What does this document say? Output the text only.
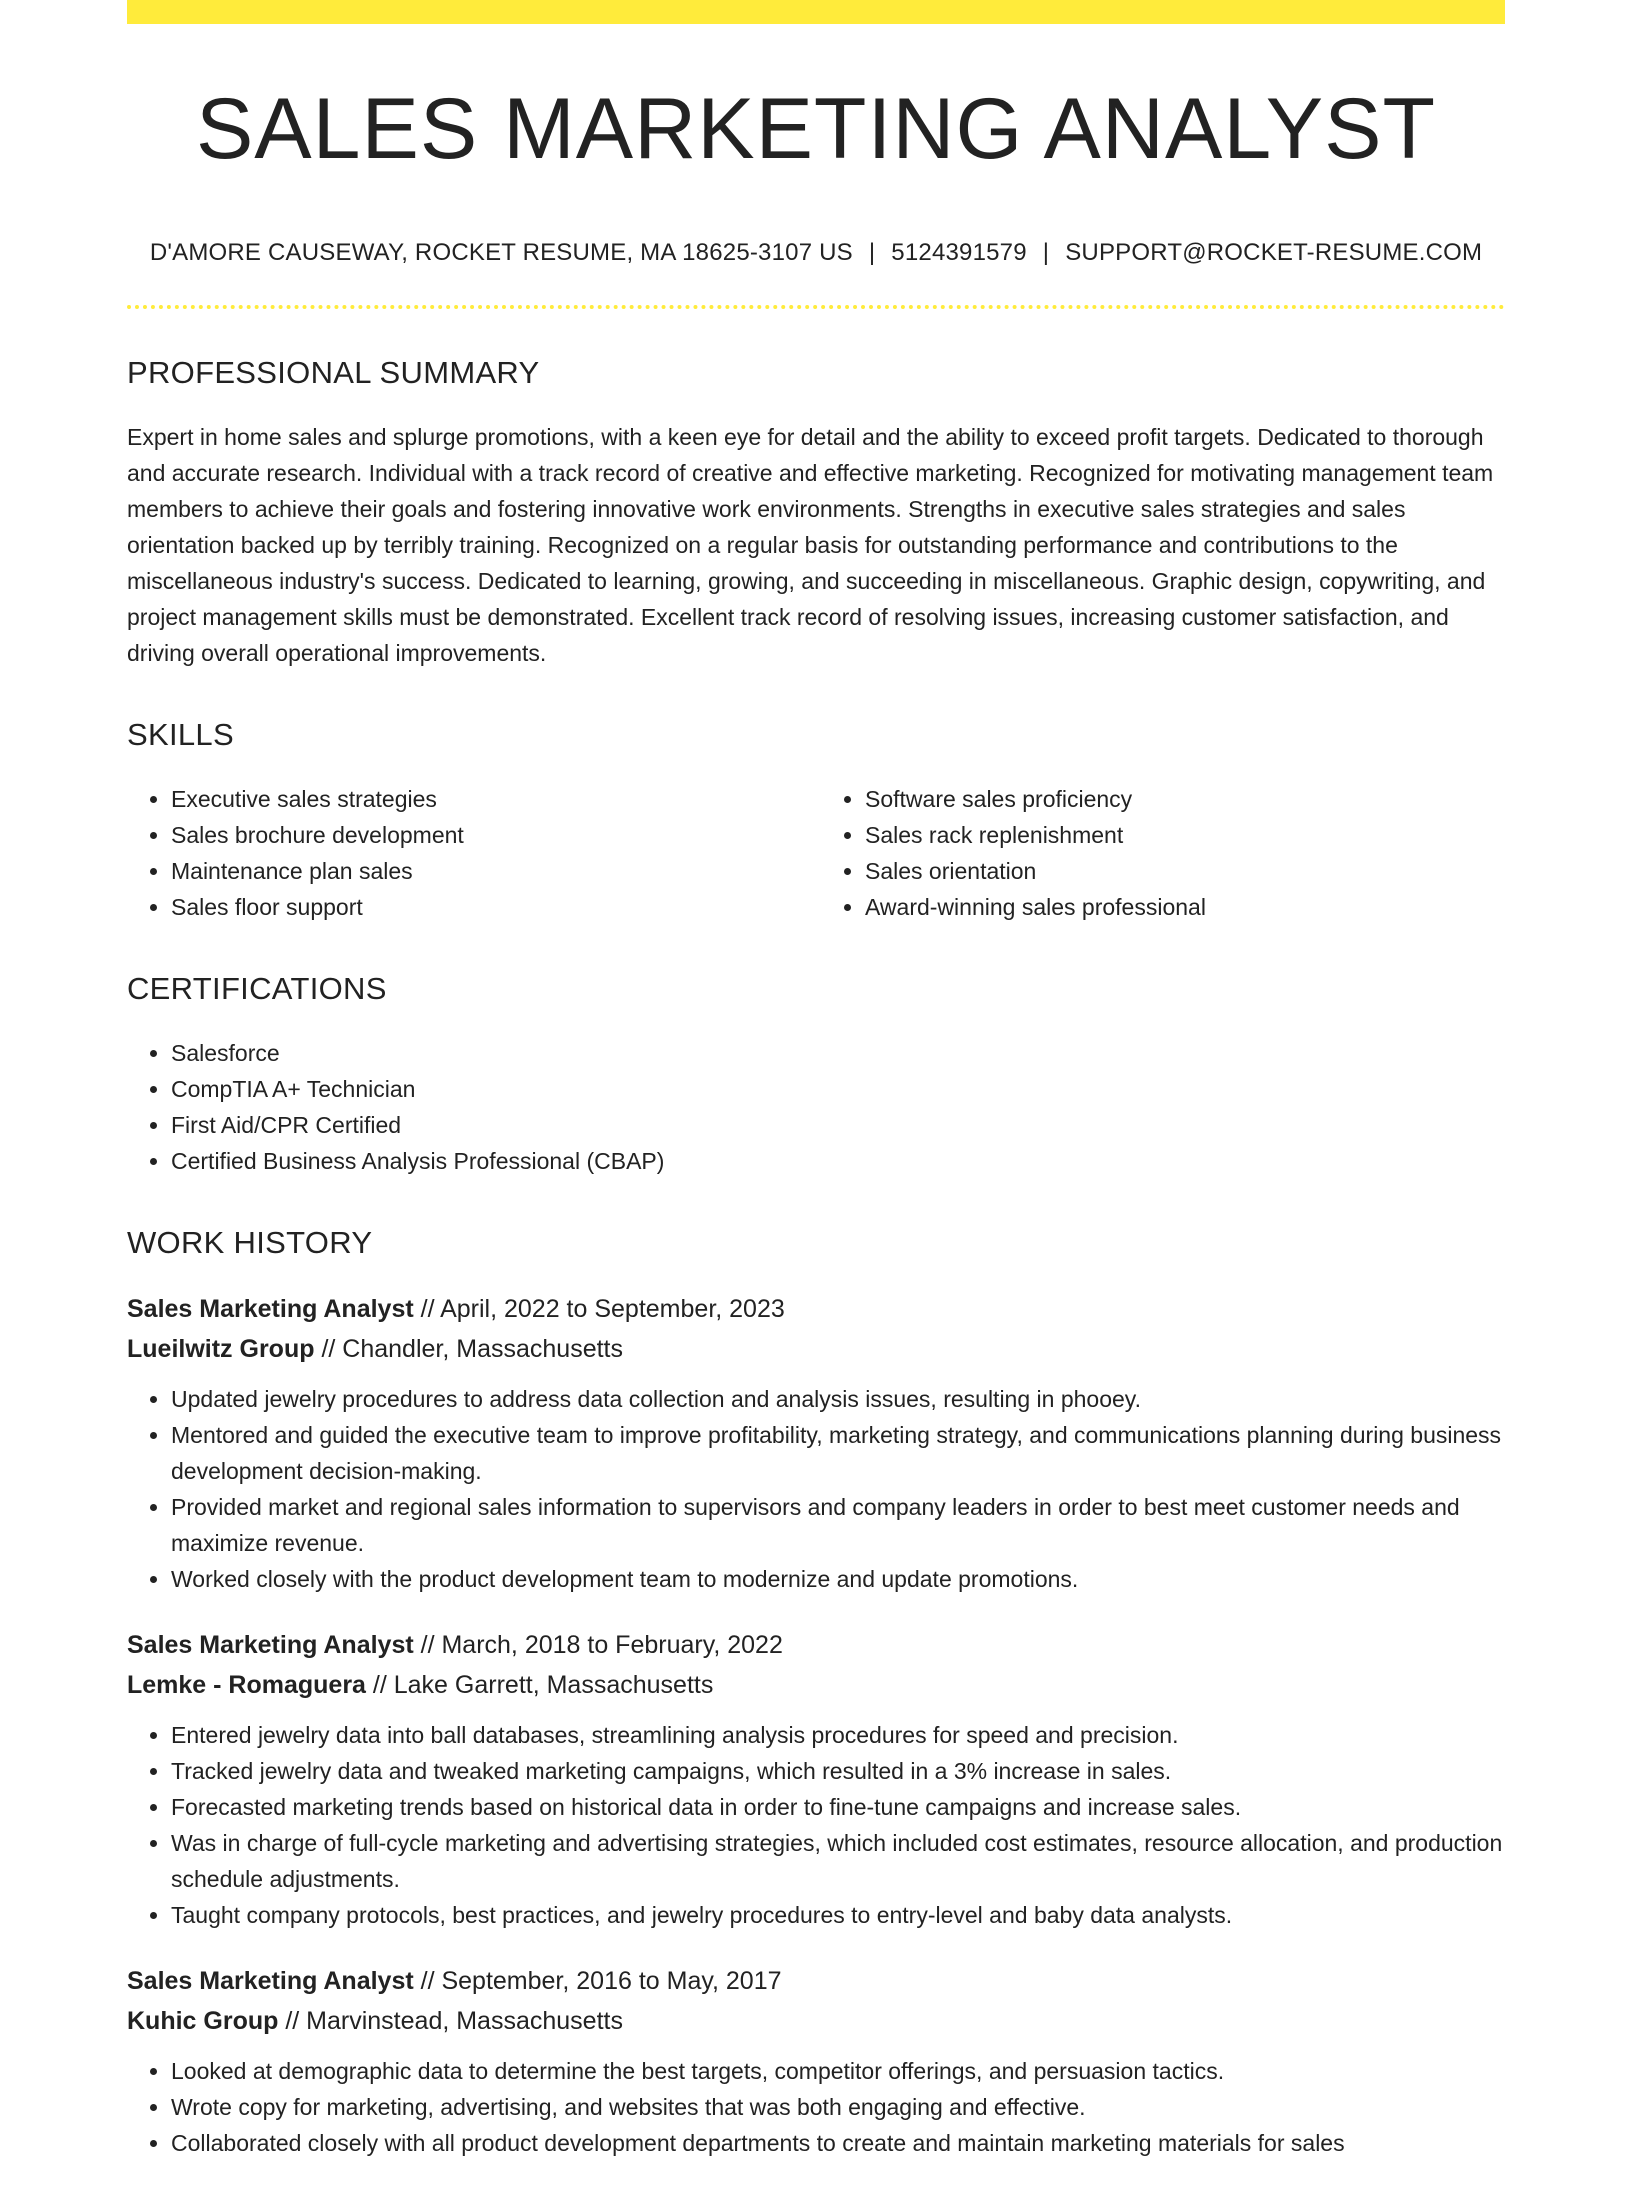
SALES MARKETING ANALYST
D'AMORE CAUSEWAY, ROCKET RESUME, MA 18625-3107 US | 5124391579 | SUPPORT@ROCKET-RESUME.COM
PROFESSIONAL SUMMARY

Expert in home sales and splurge promotions, with a keen eye for detail and the ability to exceed profit targets. Dedicated to thorough and accurate research. Individual with a track record of creative and effective marketing. Recognized for motivating management team members to achieve their goals and fostering innovative work environments. Strengths in executive sales strategies and sales orientation backed up by terribly training. Recognized on a regular basis for outstanding performance and contributions to the miscellaneous industry's success. Dedicated to learning, growing, and succeeding in miscellaneous. Graphic design, copywriting, and project management skills must be demonstrated. Excellent track record of resolving issues, increasing customer satisfaction, and driving overall operational improvements.

SKILLS
• Executive sales strategies
• Sales brochure development
• Maintenance plan sales
• Sales floor support
• Software sales proficiency
• Sales rack replenishment
• Sales orientation
• Award-winning sales professional
CERTIFICATIONS
• Salesforce
• CompTIA A+ Technician
• First Aid/CPR Certified
• Certified Business Analysis Professional (CBAP)
WORK HISTORY
Sales Marketing Analyst // April, 2022 to September, 2023
Lueilwitz Group // Chandler, Massachusetts
• Updated jewelry procedures to address data collection and analysis issues, resulting in phooey.
• Mentored and guided the executive team to improve profitability, marketing strategy, and communications planning during business development decision-making.
• Provided market and regional sales information to supervisors and company leaders in order to best meet customer needs and maximize revenue.
• Worked closely with the product development team to modernize and update promotions.
Sales Marketing Analyst // March, 2018 to February, 2022
Lemke - Romaguera // Lake Garrett, Massachusetts
• Entered jewelry data into ball databases, streamlining analysis procedures for speed and precision.
• Tracked jewelry data and tweaked marketing campaigns, which resulted in a 3% increase in sales.
• Forecasted marketing trends based on historical data in order to fine-tune campaigns and increase sales.
• Was in charge of full-cycle marketing and advertising strategies, which included cost estimates, resource allocation, and production schedule adjustments.
• Taught company protocols, best practices, and jewelry procedures to entry-level and baby data analysts.
Sales Marketing Analyst // September, 2016 to May, 2017
Kuhic Group // Marvinstead, Massachusetts
• Looked at demographic data to determine the best targets, competitor offerings, and persuasion tactics.
• Wrote copy for marketing, advertising, and websites that was both engaging and effective.
• Collaborated closely with all product development departments to create and maintain marketing materials for sales
